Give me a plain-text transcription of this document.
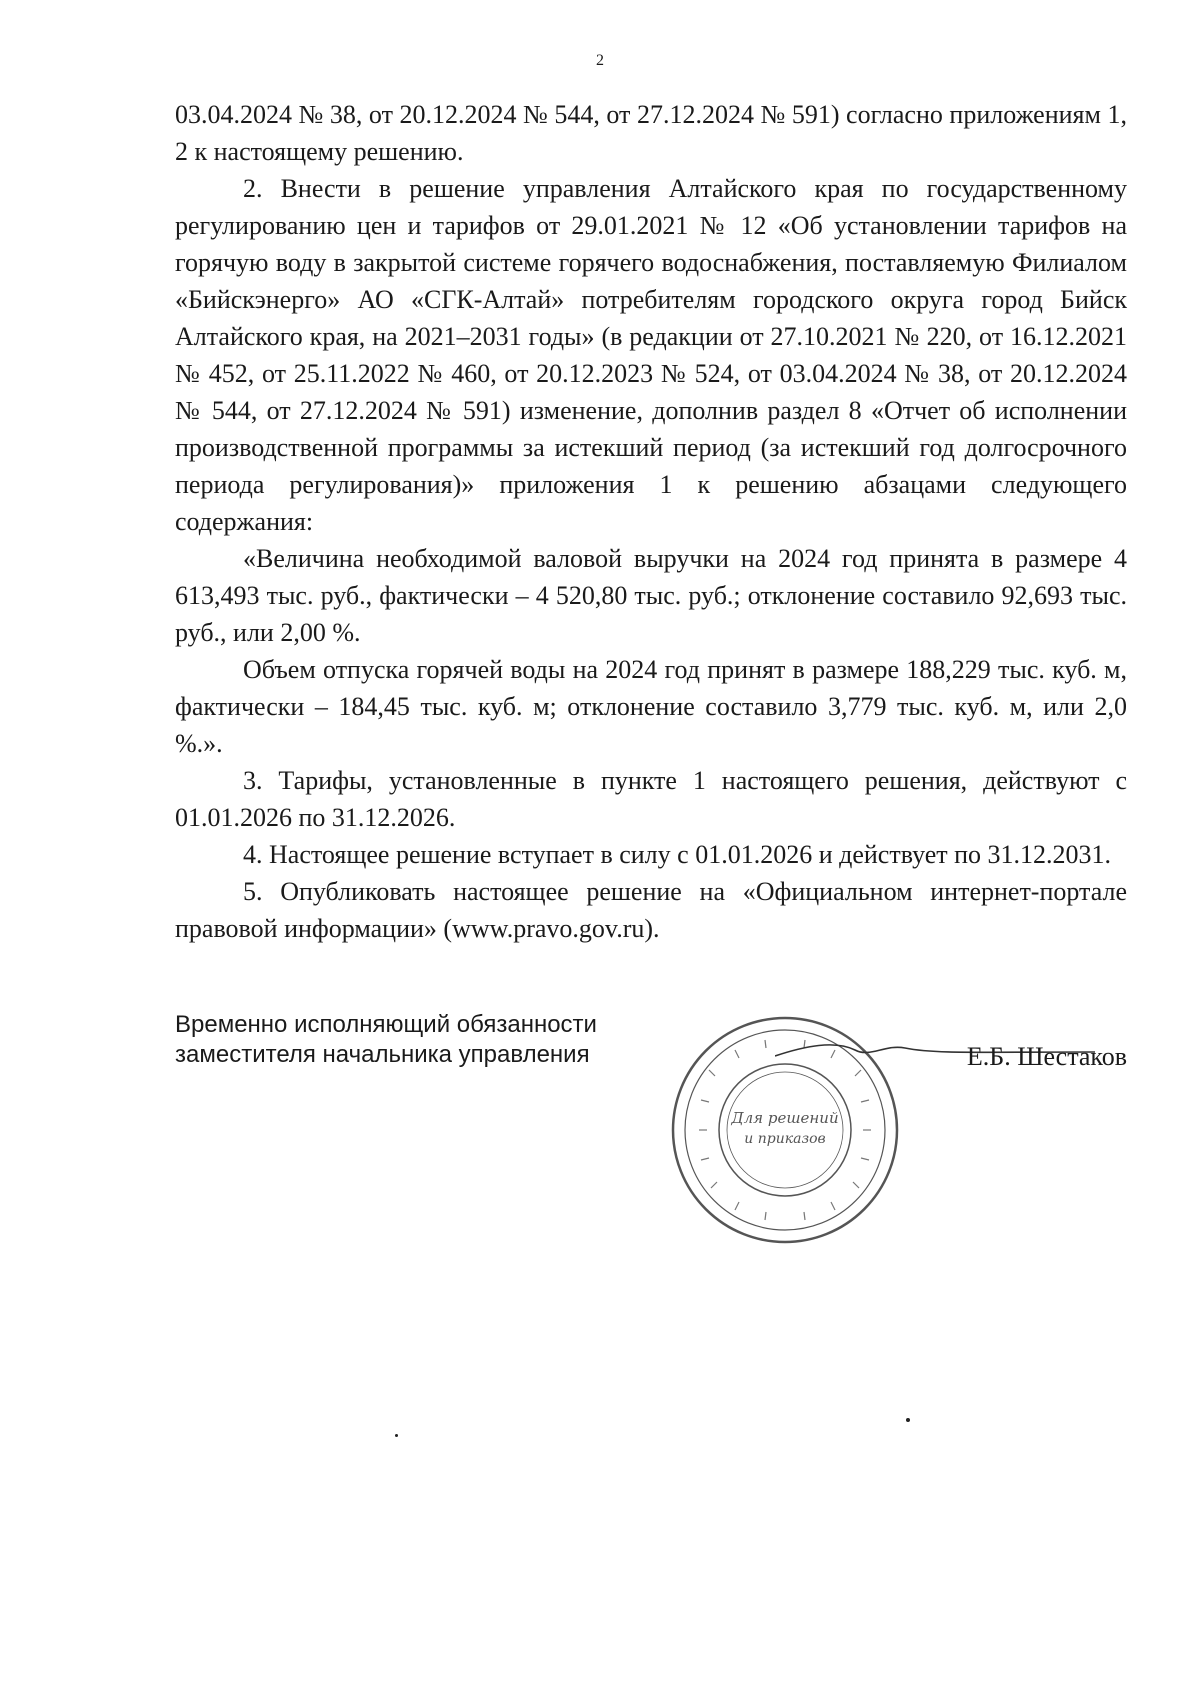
2

03.04.2024 № 38, от 20.12.2024 № 544, от 27.12.2024 № 591) согласно приложениям 1, 2 к настоящему решению.

2. Внести в решение управления Алтайского края по государственному регулированию цен и тарифов от 29.01.2021 № 12 «Об установлении тарифов на горячую воду в закрытой системе горячего водоснабжения, поставляемую Филиалом «Бийскэнерго» АО «СГК-Алтай» потребителям городского округа город Бийск Алтайского края, на 2021–2031 годы» (в редакции от 27.10.2021 № 220, от 16.12.2021 № 452, от 25.11.2022 № 460, от 20.12.2023 № 524, от 03.04.2024 № 38, от 20.12.2024 № 544, от 27.12.2024 № 591) изменение, дополнив раздел 8 «Отчет об исполнении производственной программы за истекший период (за истекший год долгосрочного периода регулирования)» приложения 1 к решению абзацами следующего содержания:

«Величина необходимой валовой выручки на 2024 год принята в размере 4 613,493 тыс. руб., фактически – 4 520,80 тыс. руб.; отклонение составило 92,693 тыс. руб., или 2,00 %.

Объем отпуска горячей воды на 2024 год принят в размере 188,229 тыс. куб. м, фактически – 184,45 тыс. куб. м; отклонение составило 3,779 тыс. куб. м, или 2,0 %.».

3. Тарифы, установленные в пункте 1 настоящего решения, действуют с 01.01.2026 по 31.12.2026.

4. Настоящее решение вступает в силу с 01.01.2026 и действует по 31.12.2031.

5. Опубликовать настоящее решение на «Официальном интернет-портале правовой информации» (www.pravo.gov.ru).

Временно исполняющий обязанности
заместителя начальника управления
Для решений
и приказов
Е.Б. Шестаков
